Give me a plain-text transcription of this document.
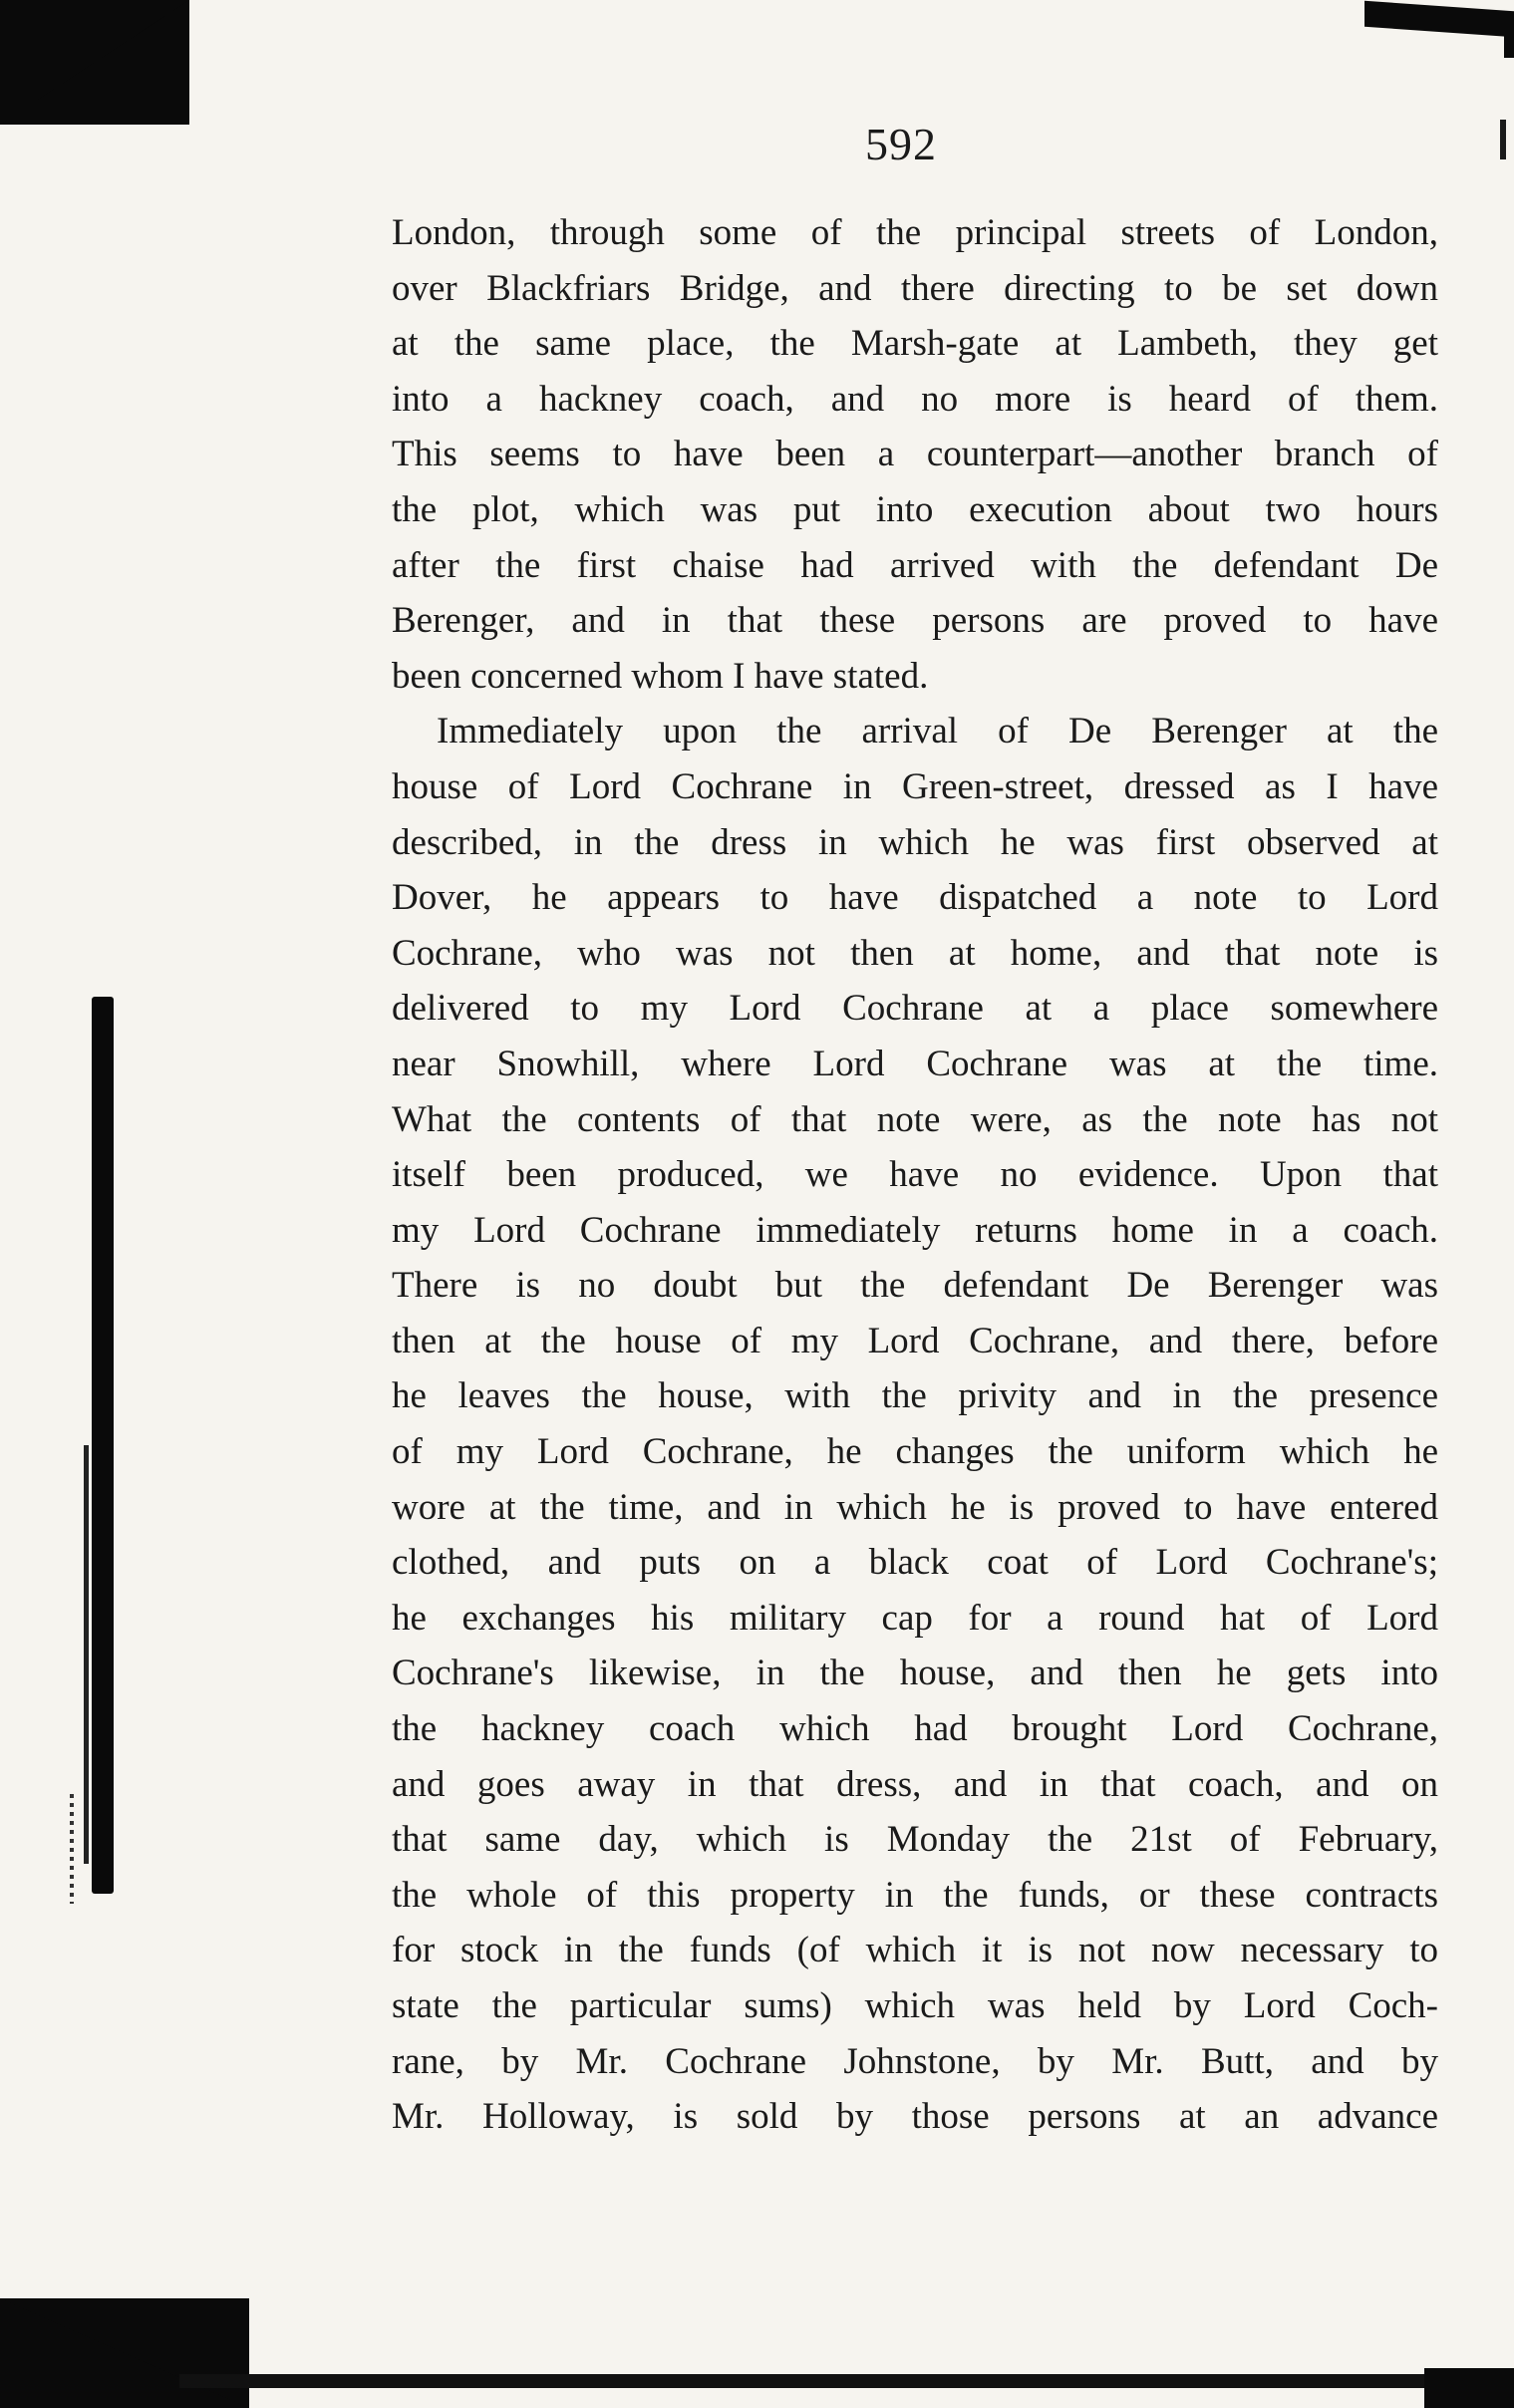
592
London, through some of the principal streets of London,
over Blackfriars Bridge, and there directing to be set down
at the same place, the Marsh-gate at Lambeth, they get
into a hackney coach, and no more is heard of them.
This seems to have been a counterpart—another branch of
the plot, which was put into execution about two hours
after the first chaise had arrived with the defendant De
Berenger, and in that these persons are proved to have
been concerned whom I have stated.
Immediately upon the arrival of De Berenger at the
house of Lord Cochrane in Green-street, dressed as I have
described, in the dress in which he was first observed at
Dover, he appears to have dispatched a note to Lord
Cochrane, who was not then at home, and that note is
delivered to my Lord Cochrane at a place somewhere
near Snowhill, where Lord Cochrane was at the time.
What the contents of that note were, as the note has not
itself been produced, we have no evidence. Upon that
my Lord Cochrane immediately returns home in a coach.
There is no doubt but the defendant De Berenger was
then at the house of my Lord Cochrane, and there, before
he leaves the house, with the privity and in the presence
of my Lord Cochrane, he changes the uniform which he
wore at the time, and in which he is proved to have entered
clothed, and puts on a black coat of Lord Cochrane's;
he exchanges his military cap for a round hat of Lord
Cochrane's likewise, in the house, and then he gets into
the hackney coach which had brought Lord Cochrane,
and goes away in that dress, and in that coach, and on
that same day, which is Monday the 21st of February,
the whole of this property in the funds, or these contracts
for stock in the funds (of which it is not now necessary to
state the particular sums) which was held by Lord Coch-
rane, by Mr. Cochrane Johnstone, by Mr. Butt, and by
Mr. Holloway, is sold by those persons at an advance
